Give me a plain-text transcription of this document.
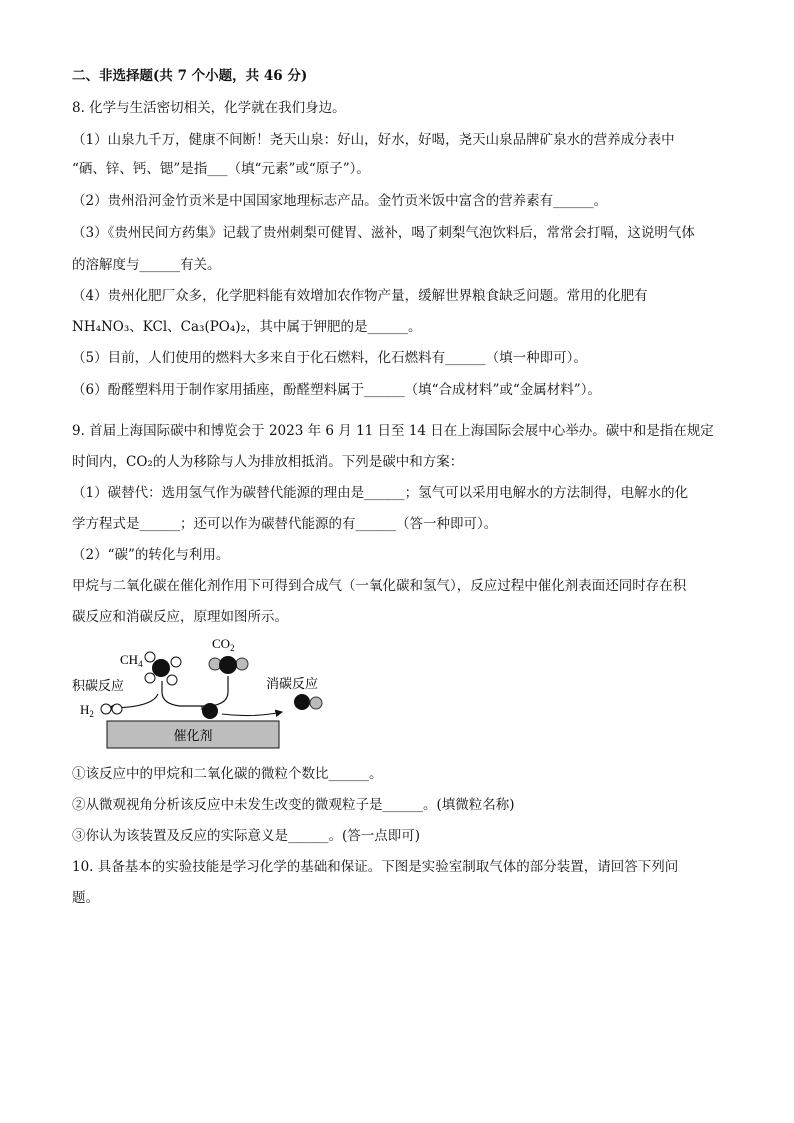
二、非选择题(共 7 个小题，共 46 分)
8. 化学与生活密切相关，化学就在我们身边。
（1）山泉九千万，健康不间断！尧天山泉：好山，好水，好喝，尧天山泉品牌矿泉水的营养成分表中
“硒、锌、钙、锶”是指___（填“元素”或“原子”）。
（2）贵州沿河金竹贡米是中国国家地理标志产品。金竹贡米饭中富含的营养素有______。
（3）《贵州民间方药集》记载了贵州刺梨可健胃、滋补，喝了刺梨气泡饮料后，常常会打嗝，这说明气体
的溶解度与______有关。
（4）贵州化肥厂众多，化学肥料能有效增加农作物产量，缓解世界粮食缺乏问题。常用的化肥有
NH₄NO₃、KCl、Ca₃(PO₄)₂，其中属于钾肥的是______。
（5）目前，人们使用的燃料大多来自于化石燃料，化石燃料有______（填一种即可）。
（6）酚醛塑料用于制作家用插座，酚醛塑料属于______（填“合成材料”或“金属材料”）。
9. 首届上海国际碳中和博览会于 2023 年 6 月 11 日至 14 日在上海国际会展中心举办。碳中和是指在规定
时间内，CO₂的人为移除与人为排放相抵消。下列是碳中和方案：
（1）碳替代：选用氢气作为碳替代能源的理由是______；氢气可以采用电解水的方法制得，电解水的化
学方程式是______；还可以作为碳替代能源的有______（答一种即可）。
（2）“碳”的转化与利用。
甲烷与二氧化碳在催化剂作用下可得到合成气（一氧化碳和氢气），反应过程中催化剂表面还同时存在积
碳反应和消碳反应，原理如图所示。
$CH_4$
$CO_2$
积碳反应
$H_2$
消碳反应
催化剂
①该反应中的甲烷和二氧化碳的微粒个数比______。
②从微观视角分析该反应中未发生改变的微观粒子是______。(填微粒名称)
③你认为该装置及反应的实际意义是______。(答一点即可)
10. 具备基本的实验技能是学习化学的基础和保证。下图是实验室制取气体的部分装置，请回答下列问
题。
